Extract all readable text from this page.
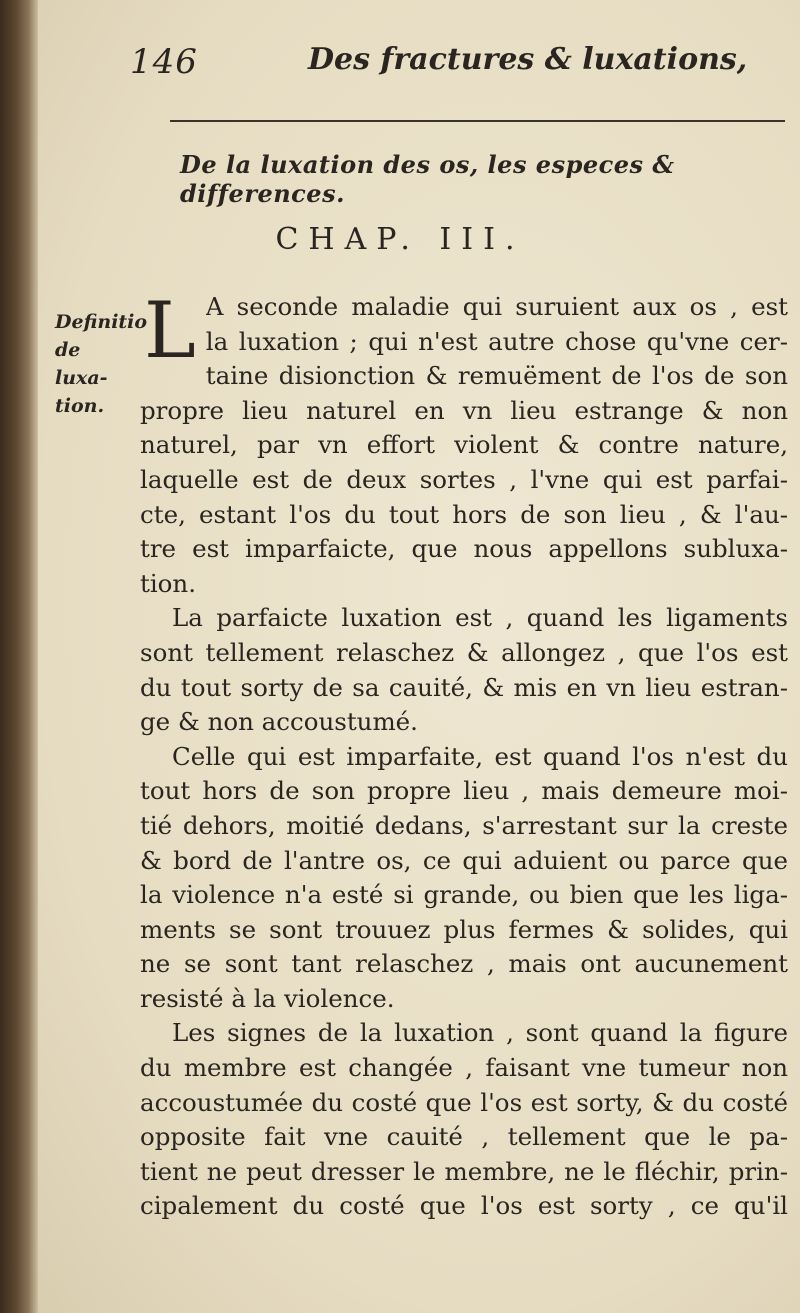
146	Des fractures & luxations,
De la luxation des os, les especes & differences.
CHAP. III.
Definitio
de luxa-
tion.
L A seconde maladie qui suruient aux os , est
la luxation ; qui n'est autre chose qu'vne cer-
taine disionction & remuëment de l'os de son
propre lieu naturel en vn lieu estrange & non
naturel, par vn effort violent & contre nature,
laquelle est de deux sortes , l'vne qui est parfai-
cte, estant l'os du tout hors de son lieu , & l'au-
tre est imparfaicte, que nous appellons subluxa-
tion.
La parfaicte luxation est , quand les ligaments
sont tellement relaschez & allongez , que l'os est
du tout sorty de sa cauité, & mis en vn lieu estran-
ge & non accoustumé.
Celle qui est imparfaite, est quand l'os n'est du
tout hors de son propre lieu , mais demeure moi-
tié dehors, moitié dedans, s'arrestant sur la creste
& bord de l'antre os, ce qui aduient ou parce que
la violence n'a esté si grande, ou bien que les liga-
ments se sont trouuez plus fermes & solides, qui
ne se sont tant relaschez , mais ont aucunement
resisté à la violence.
Les signes de la luxation , sont quand la figure
du membre est changée , faisant vne tumeur non
accoustumée du costé que l'os est sorty, & du costé
opposite fait vne cauité , tellement que le pa-
tient ne peut dresser le membre, ne le fléchir, prin-
cipalement du costé que l'os est sorty , ce qu'il
